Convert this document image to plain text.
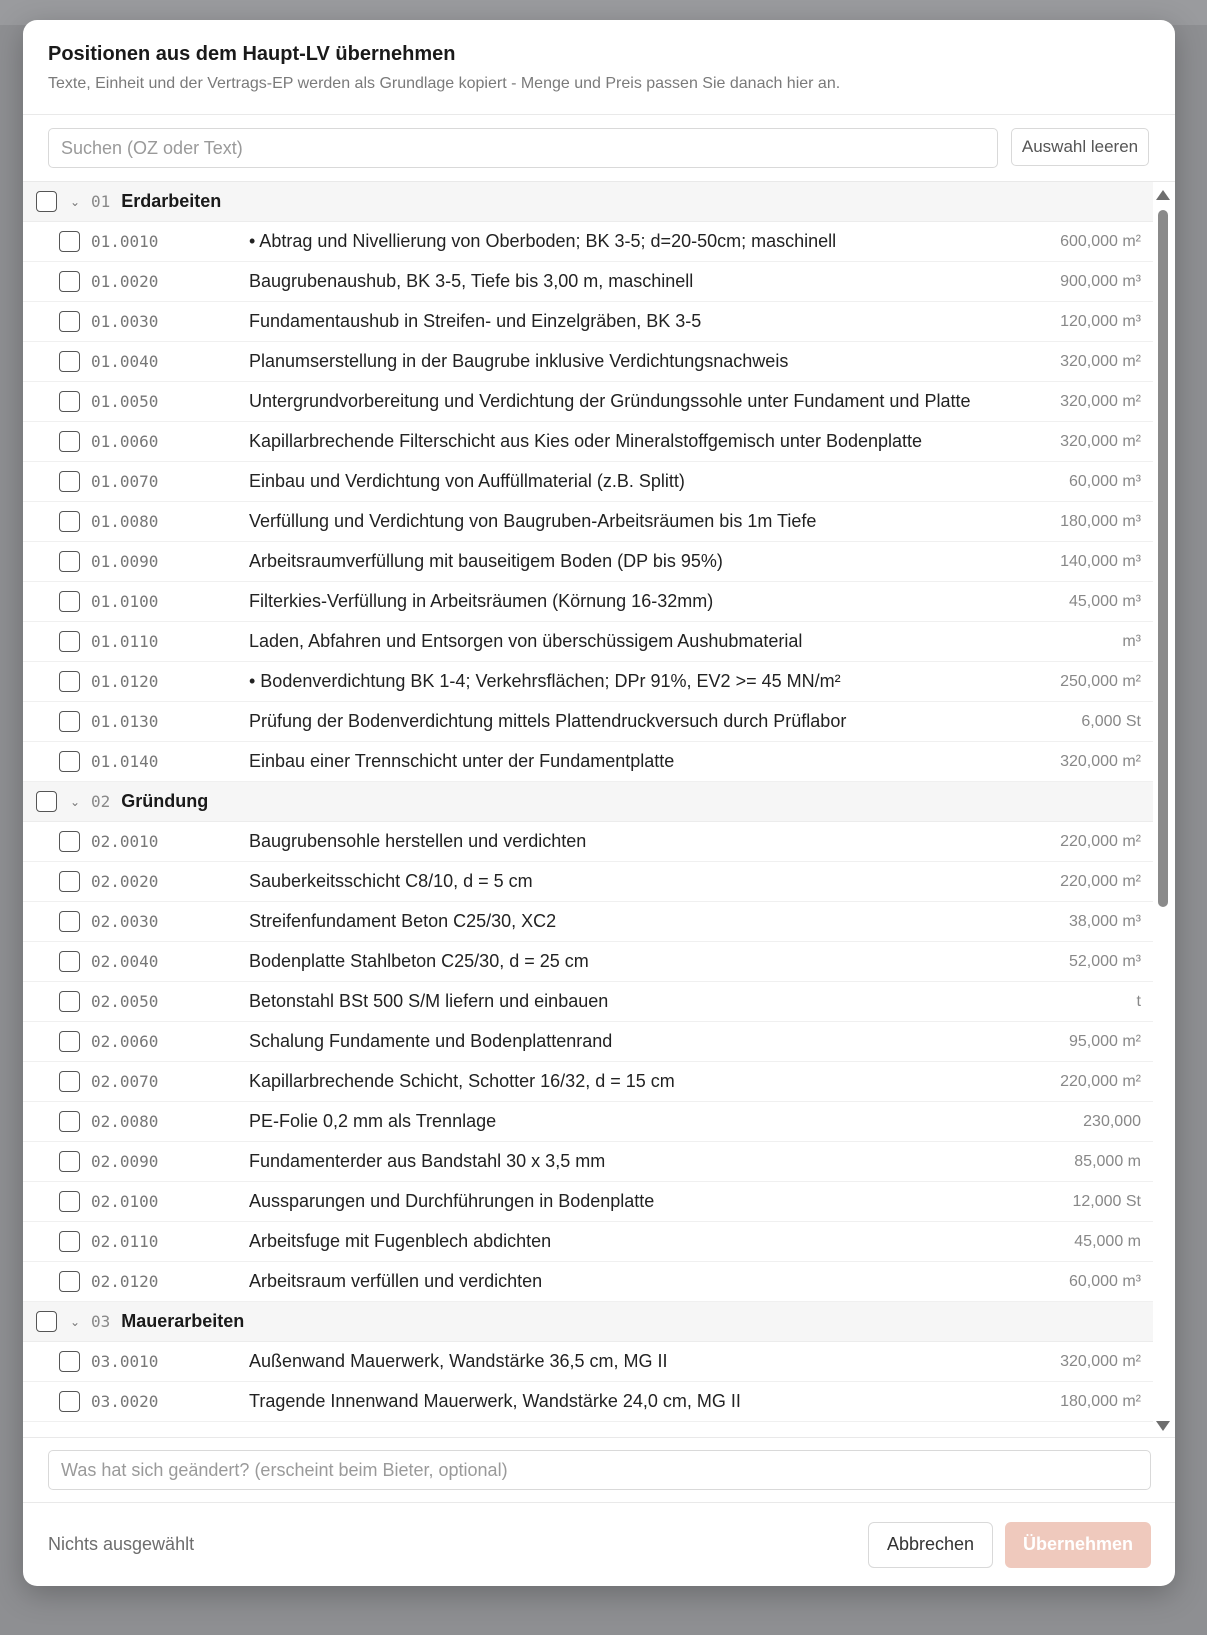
Positionen aus dem Haupt-LV übernehmen
Texte, Einheit und der Vertrags-EP werden als Grundlage kopiert - Menge und Preis passen Sie danach hier an.
Suchen (OZ oder Text)
Auswahl leeren
⌄ 01 Erdarbeiten
01.0010	• Abtrag und Nivellierung von Oberboden; BK 3-5; d=20-50cm; maschinell	600,000 m²
01.0020	Baugrubenaushub, BK 3-5, Tiefe bis 3,00 m, maschinell	900,000 m³
01.0030	Fundamentaushub in Streifen- und Einzelgräben, BK 3-5	120,000 m³
01.0040	Planumserstellung in der Baugrube inklusive Verdichtungsnachweis	320,000 m²
01.0050	Untergrundvorbereitung und Verdichtung der Gründungssohle unter Fundament und Platte	320,000 m²
01.0060	Kapillarbrechende Filterschicht aus Kies oder Mineralstoffgemisch unter Bodenplatte	320,000 m²
01.0070	Einbau und Verdichtung von Auffüllmaterial (z.B. Splitt)	60,000 m³
01.0080	Verfüllung und Verdichtung von Baugruben-Arbeitsräumen bis 1m Tiefe	180,000 m³
01.0090	Arbeitsraumverfüllung mit bauseitigem Boden (DP bis 95%)	140,000 m³
01.0100	Filterkies-Verfüllung in Arbeitsräumen (Körnung 16-32mm)	45,000 m³
01.0110	Laden, Abfahren und Entsorgen von überschüssigem Aushubmaterial	m³
01.0120	• Bodenverdichtung BK 1-4; Verkehrsflächen; DPr 91%, EV2 >= 45 MN/m²	250,000 m²
01.0130	Prüfung der Bodenverdichtung mittels Plattendruckversuch durch Prüflabor	6,000 St
01.0140	Einbau einer Trennschicht unter der Fundamentplatte	320,000 m²
⌄ 02 Gründung
02.0010	Baugrubensohle herstellen und verdichten	220,000 m²
02.0020	Sauberkeitsschicht C8/10, d = 5 cm	220,000 m²
02.0030	Streifenfundament Beton C25/30, XC2	38,000 m³
02.0040	Bodenplatte Stahlbeton C25/30, d = 25 cm	52,000 m³
02.0050	Betonstahl BSt 500 S/M liefern und einbauen	t
02.0060	Schalung Fundamente und Bodenplattenrand	95,000 m²
02.0070	Kapillarbrechende Schicht, Schotter 16/32, d = 15 cm	220,000 m²
02.0080	PE-Folie 0,2 mm als Trennlage	230,000
02.0090	Fundamenterder aus Bandstahl 30 x 3,5 mm	85,000 m
02.0100	Aussparungen und Durchführungen in Bodenplatte	12,000 St
02.0110	Arbeitsfuge mit Fugenblech abdichten	45,000 m
02.0120	Arbeitsraum verfüllen und verdichten	60,000 m³
⌄ 03 Mauerarbeiten
03.0010	Außenwand Mauerwerk, Wandstärke 36,5 cm, MG II	320,000 m²
03.0020	Tragende Innenwand Mauerwerk, Wandstärke 24,0 cm, MG II	180,000 m²
Was hat sich geändert? (erscheint beim Bieter, optional)
Nichts ausgewählt	Abbrechen	Übernehmen
